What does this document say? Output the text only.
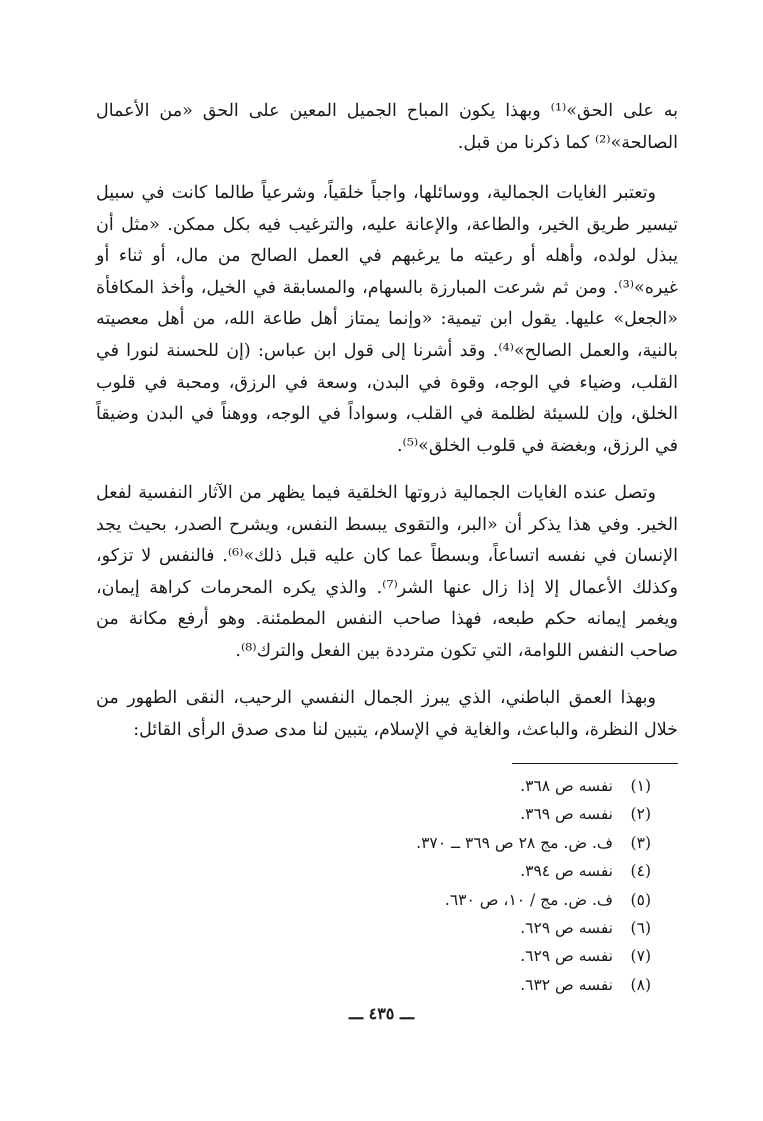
به على الحق»⁽¹⁾ وبهذا يكون المباح الجميل المعين على الحق «من الأعمال الصالحة»⁽²⁾ كما ذكرنا من قبل.

وتعتبر الغايات الجمالية، ووسائلها، واجباً خلقياً، وشرعياً طالما كانت في سبيل تيسير طريق الخير، والطاعة، والإعانة عليه، والترغيب فيه بكل ممكن. «مثل أن يبذل لولده، وأهله أو رعيته ما يرغبهم في العمل الصالح من مال، أو ثناء أو غيره»⁽³⁾. ومن ثم شرعت المبارزة بالسهام، والمسابقة في الخيل، وأخذ المكافأة «الجعل» عليها. يقول ابن تيمية: «وإنما يمتاز أهل طاعة الله، من أهل معصيته بالنية، والعمل الصالح»⁽⁴⁾. وقد أشرنا إلى قول ابن عباس: (إن للحسنة لنورا في القلب، وضياء في الوجه، وقوة في البدن، وسعة في الرزق، ومحبة في قلوب الخلق، وإن للسيئة لظلمة في القلب، وسواداً في الوجه، ووهناً في البدن وضيقاً في الرزق، وبغضة في قلوب الخلق»⁽⁵⁾.

وتصل عنده الغايات الجمالية ذروتها الخلقية فيما يظهر من الآثار النفسية لفعل الخير. وفي هذا يذكر أن «البر، والتقوى يبسط النفس، ويشرح الصدر، بحيث يجد الإنسان في نفسه اتساعاً، وبسطاً عما كان عليه قبل ذلك»⁽⁶⁾. فالنفس لا تزكو، وكذلك الأعمال إلا إذا زال عنها الشر⁽⁷⁾. والذي يكره المحرمات كراهة إيمان، ويغمر إيمانه حكم طبعه، فهذا صاحب النفس المطمئنة. وهو أرفع مكانة من صاحب النفس اللوامة، التي تكون مترددة بين الفعل والترك⁽⁸⁾.

وبهذا العمق الباطني، الذي يبرز الجمال النفسي الرحيب، النقى الطهور من خلال النظرة، والباعث، والغاية في الإسلام، يتبين لنا مدى صدق الرأى القائل:

(١)نفسه ص ٣٦٨.
(٢)نفسه ص ٣٦٩.
(٣)ف. ض. مج ٢٨ ص ٣٦٩ ــ ٣٧٠.
(٤)نفسه ص ٣٩٤.
(٥)ف. ض. مج / ١٠، ص ٦٣٠.
(٦)نفسه ص ٦٢٩.
(٧)نفسه ص ٦٢٩.
(٨)نفسه ص ٦٣٢.
ـــ ٤٣٥ ـــ
